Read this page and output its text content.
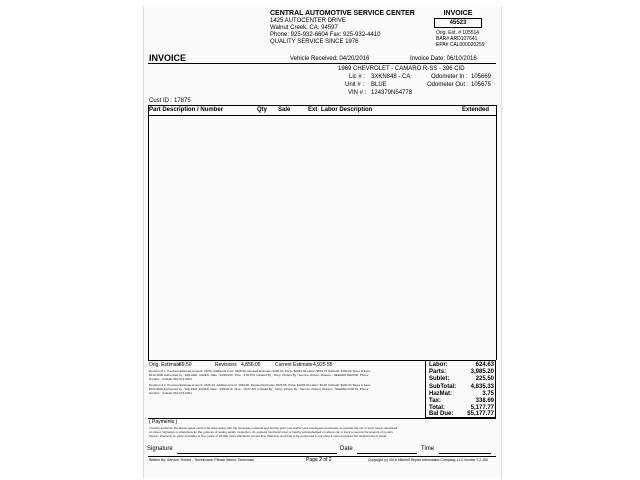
CENTRAL AUTOMOTIVE SERVICE CENTER
1425 AUTOCENTER DRIVE
Walnut Creek, CA. 94597
Phone: 925-932-6604 Fax: 925-932-4410
QUALITY SERVICE SINCE 1976
INVOICE
45523
Orig. Est. # 105514
BAR# ARD107641
EPA# CAL000020259
INVOICE	Vehicle Received: 04/20/2016	Invoice Date: 06/10/2016
1969 CHEVROLET - CAMARO R-SS - 396 CID
Lic # : 3XKN848 - CA
Unit # : BLUE
VIN # : 124379N54778
Odometer In : 105669
Odometer Out : 105675
Cust ID : 17875
Part Description / Number	Qty Sale	Ext Labor Description	Extended
Orig. Estimate
69.50	Revisions 4,856.05	Current Estimate 4,925.55
Revision # 1, Previous Estimate Amount: 69.50, Additional Cost: 3306.09, Revised Estimate: 3425.40, Parts: $2453.00 Labor: $561.75 Subtotal: $100.00 Taxes & Fees
$212.1800 Authorized by : WALKER, JAMES, Date : 4/29/2016, Time : 2:00 PM, Initiated By : Shop, Written By : Service, Robert, Reason : NEEDED REPAIR, Phone
Number : Cellular 910-073-5201
Revision # 2, Previous Estimate Amount: 3425.40, Additional Cost: 1499.96, Revised Estimate: 4925.55, Parts: $1296.00 Labor: $0.00 Subtotal: $100.00 Taxes & Fees
$113.9600 Authorized by : WALKER, JAMES, Date : 4/29/2016, Time : 10:07 AM, Initiated By : Shop, Written By : Service, Robert, Reason : NEEDED PARTS, Phone
Number : Cellular 910-073-5201
Labor:	624.63
Parts:	3,985.20
Sublet:	225.50
SubTotal:	4,835.33
HazMat:	3.75
Tax:	338.69
Total:	5,177.77
Bal Due:	$5,177.77
( Payments )
I hereby authorize the above repair work to be done along with the necessary material and hereby grant you and/or your employees permission to operate the car or truck herein described
on street, highways or elsewhere for the purpose of testing and/or inspection. An express mechanic's lien is hereby acknowledged on above car or truck to secure the amount of repairs
thereto. Warranty on parts and labor is Two years or 24,000 miles whichever comes first. Warranty work has to be performed in our shop & cannot exceed the original cost of repair.
Signature	Date	Time
Written By: Service, Robert - Technicians: Please Select, Technician	Page 2 of 2	Copyright (c) 2016 Mitchell Repair Information Company, LLC invoice 7.2.150
